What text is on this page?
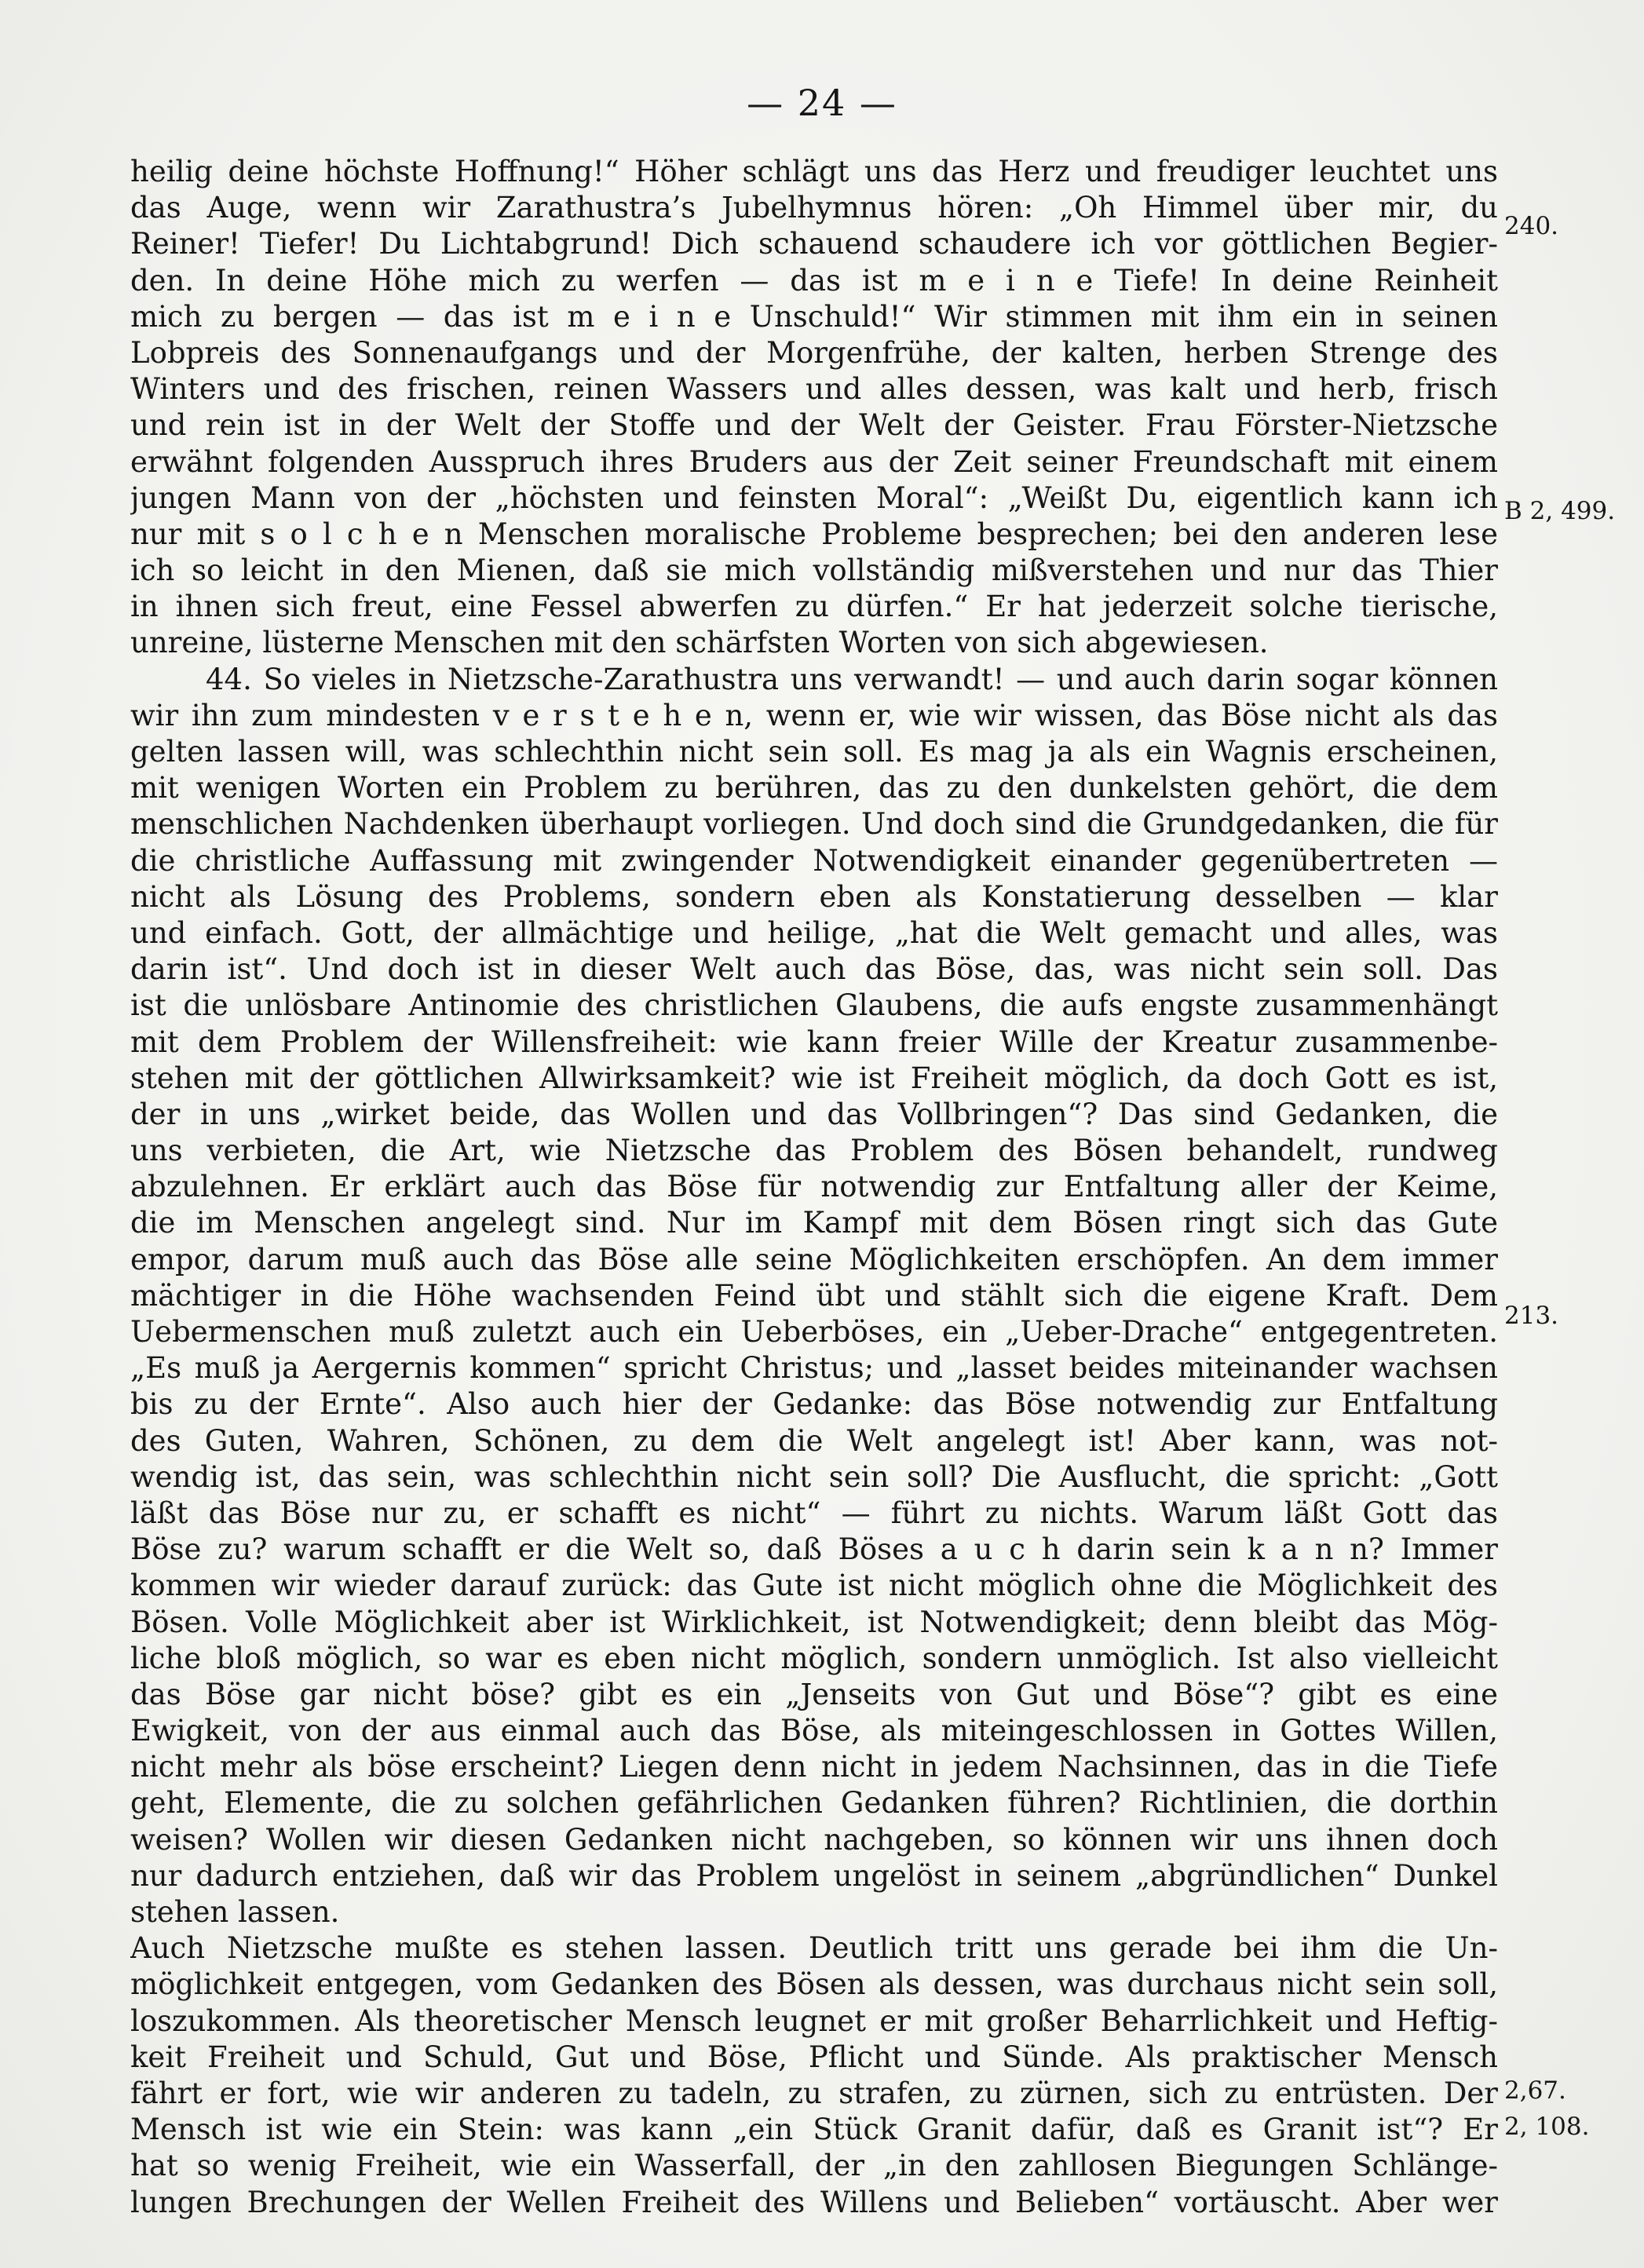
— 24 —
heilig deine höchste Hoffnung!“ Höher schlägt uns das Herz und freudiger leuchtet uns
das Auge, wenn wir Zarathustra’s Jubelhymnus hören: „Oh Himmel über mir, du
Reiner! Tiefer! Du Lichtabgrund! Dich schauend schaudere ich vor göttlichen Begier-
den. In deine Höhe mich zu werfen — das ist m e i n e Tiefe! In deine Reinheit
mich zu bergen — das ist m e i n e Unschuld!“ Wir stimmen mit ihm ein in seinen
Lobpreis des Sonnenaufgangs und der Morgenfrühe, der kalten, herben Strenge des
Winters und des frischen, reinen Wassers und alles dessen, was kalt und herb, frisch
und rein ist in der Welt der Stoffe und der Welt der Geister. Frau Förster-Nietzsche
erwähnt folgenden Ausspruch ihres Bruders aus der Zeit seiner Freundschaft mit einem
jungen Mann von der „höchsten und feinsten Moral“: „Weißt Du, eigentlich kann ich
nur mit s o l c h e n Menschen moralische Probleme besprechen; bei den anderen lese
ich so leicht in den Mienen, daß sie mich vollständig mißverstehen und nur das Thier
in ihnen sich freut, eine Fessel abwerfen zu dürfen.“ Er hat jederzeit solche tierische,
unreine, lüsterne Menschen mit den schärfsten Worten von sich abgewiesen.
44. So vieles in Nietzsche-Zarathustra uns verwandt! — und auch darin sogar können
wir ihn zum mindesten v e r s t e h e n, wenn er, wie wir wissen, das Böse nicht als das
gelten lassen will, was schlechthin nicht sein soll. Es mag ja als ein Wagnis erscheinen,
mit wenigen Worten ein Problem zu berühren, das zu den dunkelsten gehört, die dem
menschlichen Nachdenken überhaupt vorliegen. Und doch sind die Grundgedanken, die für
die christliche Auffassung mit zwingender Notwendigkeit einander gegenübertreten —
nicht als Lösung des Problems, sondern eben als Konstatierung desselben — klar
und einfach. Gott, der allmächtige und heilige, „hat die Welt gemacht und alles, was
darin ist“. Und doch ist in dieser Welt auch das Böse, das, was nicht sein soll. Das
ist die unlösbare Antinomie des christlichen Glaubens, die aufs engste zusammenhängt
mit dem Problem der Willensfreiheit: wie kann freier Wille der Kreatur zusammenbe-
stehen mit der göttlichen Allwirksamkeit? wie ist Freiheit möglich, da doch Gott es ist,
der in uns „wirket beide, das Wollen und das Vollbringen“? Das sind Gedanken, die
uns verbieten, die Art, wie Nietzsche das Problem des Bösen behandelt, rundweg
abzulehnen. Er erklärt auch das Böse für notwendig zur Entfaltung aller der Keime,
die im Menschen angelegt sind. Nur im Kampf mit dem Bösen ringt sich das Gute
empor, darum muß auch das Böse alle seine Möglichkeiten erschöpfen. An dem immer
mächtiger in die Höhe wachsenden Feind übt und stählt sich die eigene Kraft. Dem
Uebermenschen muß zuletzt auch ein Ueberböses, ein „Ueber-Drache“ entgegentreten.
„Es muß ja Aergernis kommen“ spricht Christus; und „lasset beides miteinander wachsen
bis zu der Ernte“. Also auch hier der Gedanke: das Böse notwendig zur Entfaltung
des Guten, Wahren, Schönen, zu dem die Welt angelegt ist! Aber kann, was not-
wendig ist, das sein, was schlechthin nicht sein soll? Die Ausflucht, die spricht: „Gott
läßt das Böse nur zu, er schafft es nicht“ — führt zu nichts. Warum läßt Gott das
Böse zu? warum schafft er die Welt so, daß Böses a u c h darin sein k a n n? Immer
kommen wir wieder darauf zurück: das Gute ist nicht möglich ohne die Möglichkeit des
Bösen. Volle Möglichkeit aber ist Wirklichkeit, ist Notwendigkeit; denn bleibt das Mög-
liche bloß möglich, so war es eben nicht möglich, sondern unmöglich. Ist also vielleicht
das Böse gar nicht böse? gibt es ein „Jenseits von Gut und Böse“? gibt es eine
Ewigkeit, von der aus einmal auch das Böse, als miteingeschlossen in Gottes Willen,
nicht mehr als böse erscheint? Liegen denn nicht in jedem Nachsinnen, das in die Tiefe
geht, Elemente, die zu solchen gefährlichen Gedanken führen? Richtlinien, die dorthin
weisen? Wollen wir diesen Gedanken nicht nachgeben, so können wir uns ihnen doch
nur dadurch entziehen, daß wir das Problem ungelöst in seinem „abgründlichen“ Dunkel
stehen lassen.
Auch Nietzsche mußte es stehen lassen. Deutlich tritt uns gerade bei ihm die Un-
möglichkeit entgegen, vom Gedanken des Bösen als dessen, was durchaus nicht sein soll,
loszukommen. Als theoretischer Mensch leugnet er mit großer Beharrlichkeit und Heftig-
keit Freiheit und Schuld, Gut und Böse, Pflicht und Sünde. Als praktischer Mensch
fährt er fort, wie wir anderen zu tadeln, zu strafen, zu zürnen, sich zu entrüsten. Der
Mensch ist wie ein Stein: was kann „ein Stück Granit dafür, daß es Granit ist“? Er
hat so wenig Freiheit, wie ein Wasserfall, der „in den zahllosen Biegungen Schlänge-
lungen Brechungen der Wellen Freiheit des Willens und Belieben“ vortäuscht. Aber wer
240.
B 2, 499.
213.
2,67.
2, 108.
